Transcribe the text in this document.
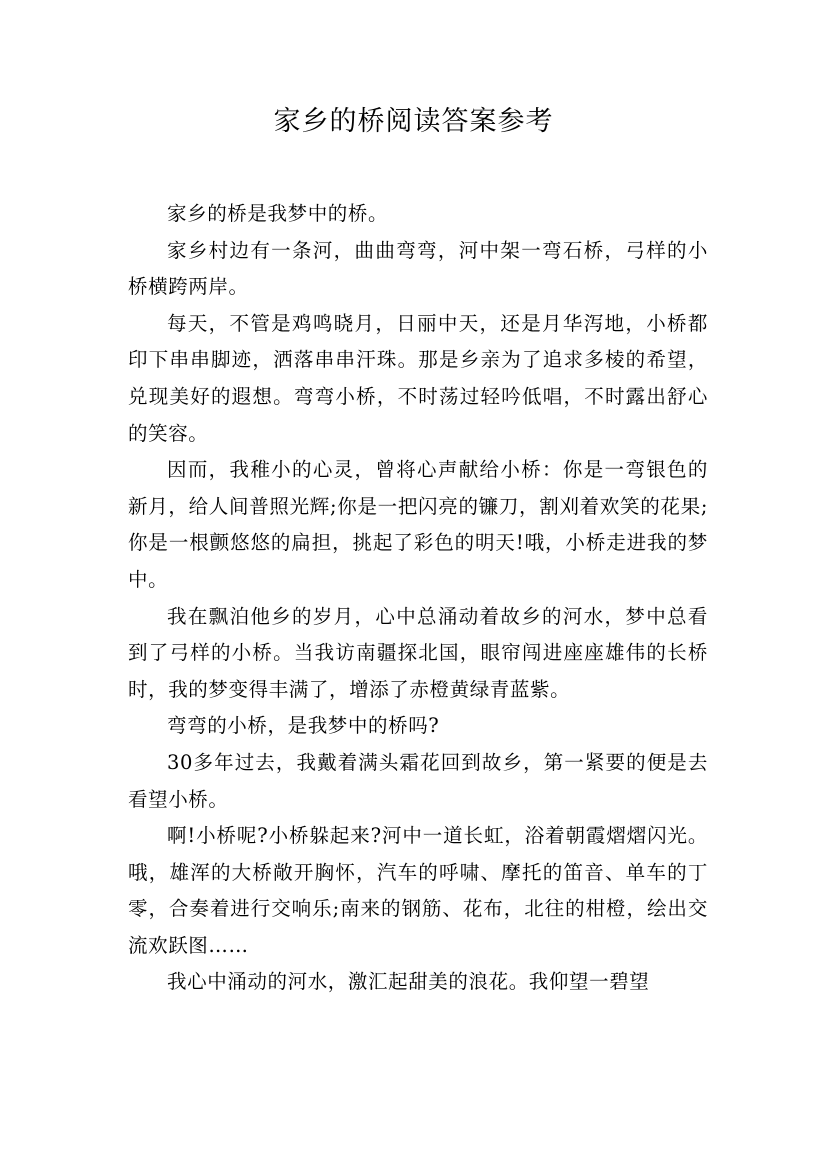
家乡的桥阅读答案参考

家乡的桥是我梦中的桥。

家乡村边有一条河，曲曲弯弯，河中架一弯石桥，弓样的小桥横跨两岸。

每天，不管是鸡鸣晓月，日丽中天，还是月华泻地，小桥都印下串串脚迹，洒落串串汗珠。那是乡亲为了追求多棱的希望，兑现美好的遐想。弯弯小桥，不时荡过轻吟低唱，不时露出舒心的笑容。

因而，我稚小的心灵，曾将心声献给小桥：你是一弯银色的新月，给人间普照光辉;你是一把闪亮的镰刀，割刈着欢笑的花果;你是一根颤悠悠的扁担，挑起了彩色的明天!哦，小桥走进我的梦中。

我在飘泊他乡的岁月，心中总涌动着故乡的河水，梦中总看到了弓样的小桥。当我访南疆探北国，眼帘闯进座座雄伟的长桥时，我的梦变得丰满了，增添了赤橙黄绿青蓝紫。

弯弯的小桥，是我梦中的桥吗?

30多年过去，我戴着满头霜花回到故乡，第一紧要的便是去看望小桥。

啊!小桥呢?小桥躲起来?河中一道长虹，浴着朝霞熠熠闪光。哦，雄浑的大桥敞开胸怀，汽车的呼啸、摩托的笛音、单车的丁零，合奏着进行交响乐;南来的钢筋、花布，北往的柑橙，绘出交流欢跃图……

我心中涌动的河水，激汇起甜美的浪花。我仰望一碧望
